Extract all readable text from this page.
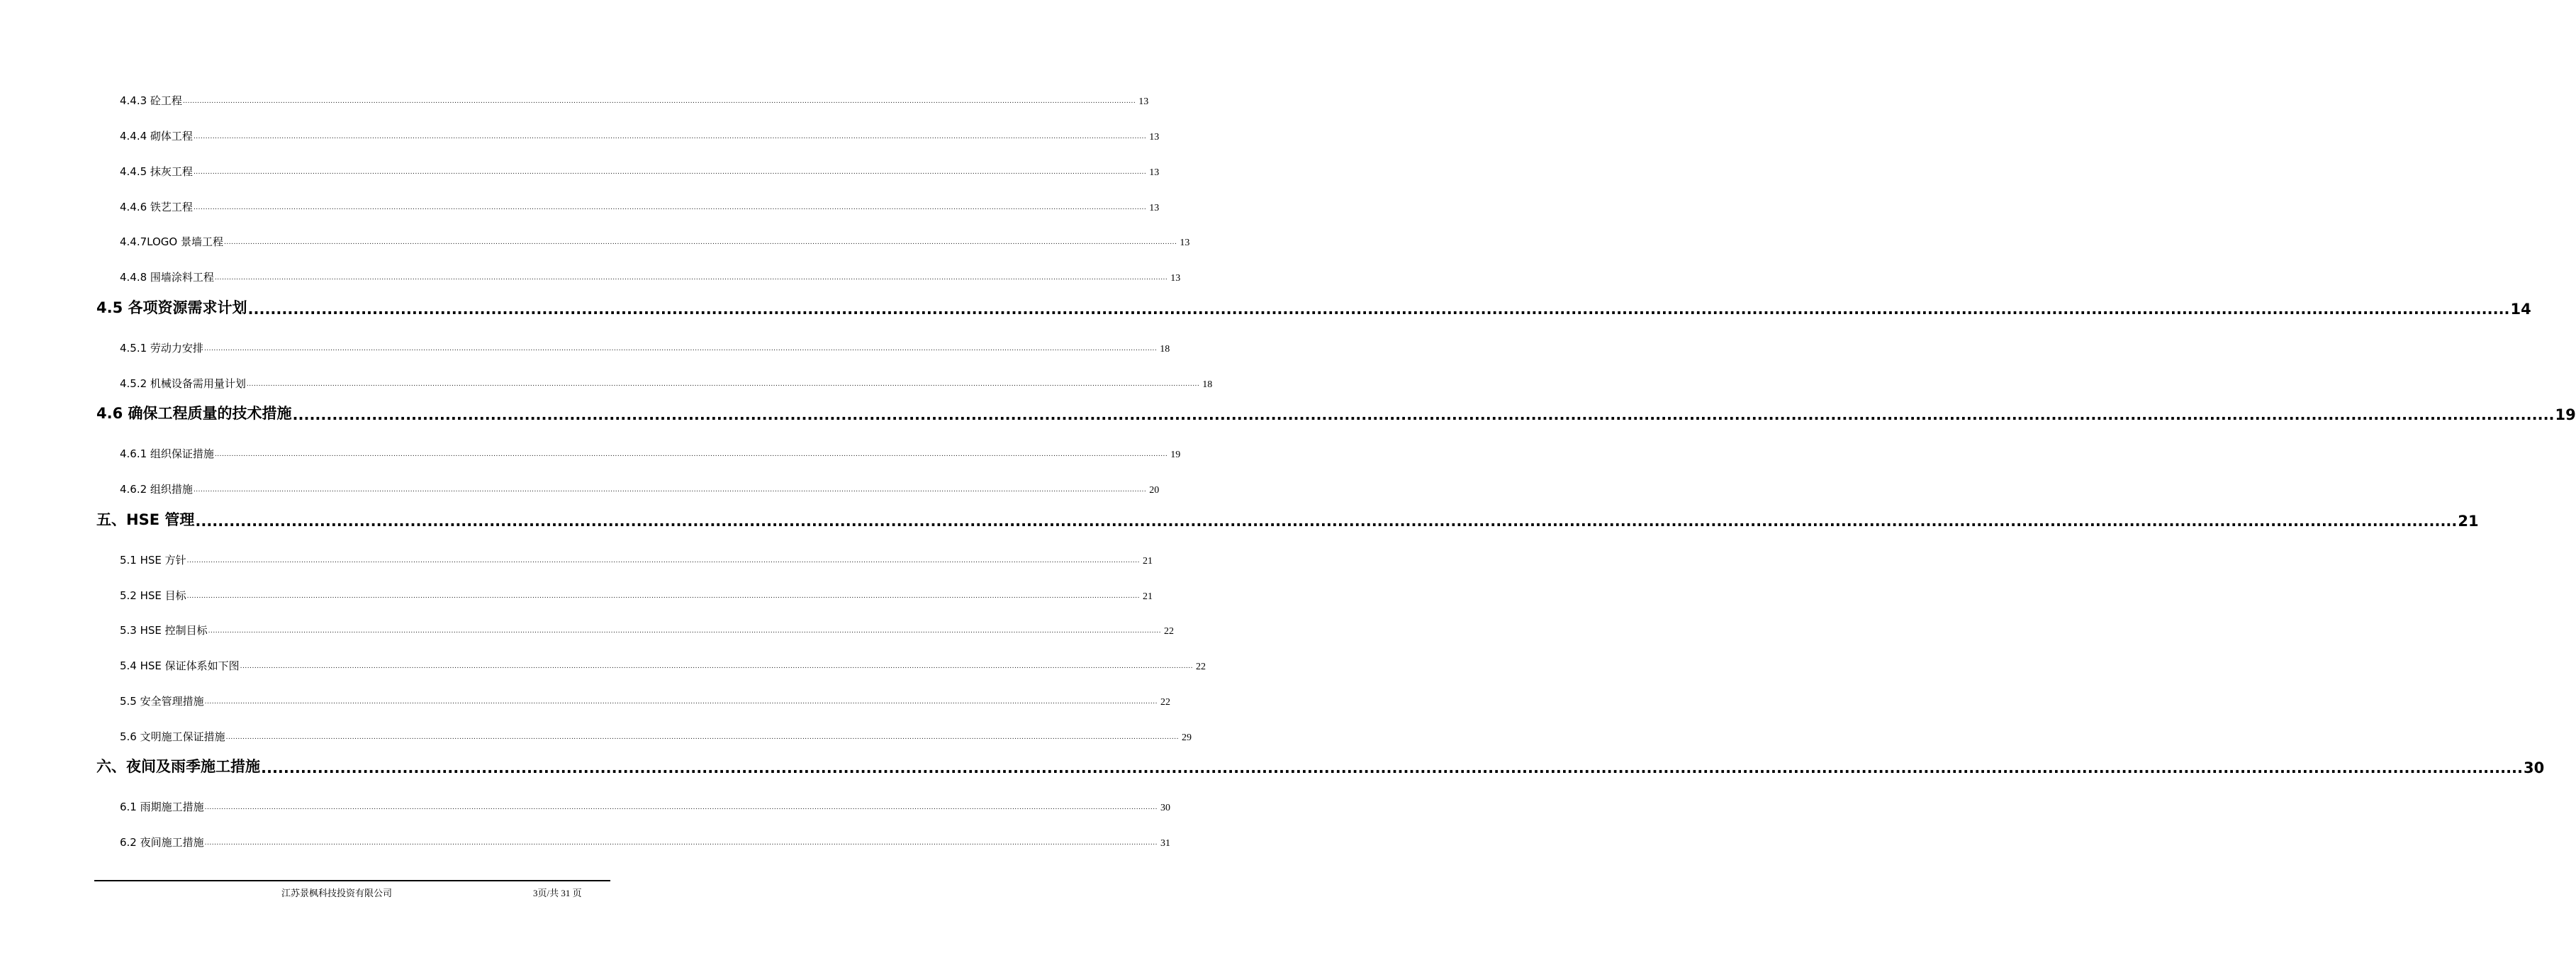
4.4.3 砼工程 ................................................................................................................................................................................................................................................................................................................................................................................................................ 13
4.4.4 砌体工程 ................................................................................................................................................................................................................................................................................................................................................................................................................ 13
4.4.5 抹灰工程 ................................................................................................................................................................................................................................................................................................................................................................................................................ 13
4.4.6 铁艺工程 ................................................................................................................................................................................................................................................................................................................................................................................................................ 13
4.4.7LOGO 景墙工程 ................................................................................................................................................................................................................................................................................................................................................................................................................ 13
4.4.8 围墙涂料工程 ................................................................................................................................................................................................................................................................................................................................................................................................................ 13
4.5 各项资源需求计划 ................................................................................................................................................................................................................................................................................................................................................................................................................ 14
4.5.1 劳动力安排 ................................................................................................................................................................................................................................................................................................................................................................................................................ 18
4.5.2 机械设备需用量计划 ................................................................................................................................................................................................................................................................................................................................................................................................................ 18
4.6 确保工程质量的技术措施 ................................................................................................................................................................................................................................................................................................................................................................................................................ 19
4.6.1 组织保证措施 ................................................................................................................................................................................................................................................................................................................................................................................................................ 19
4.6.2 组织措施 ................................................................................................................................................................................................................................................................................................................................................................................................................ 20
五、HSE 管理 ................................................................................................................................................................................................................................................................................................................................................................................................................ 21
5.1 HSE 方针 ................................................................................................................................................................................................................................................................................................................................................................................................................ 21
5.2 HSE 目标 ................................................................................................................................................................................................................................................................................................................................................................................................................ 21
5.3 HSE 控制目标 ................................................................................................................................................................................................................................................................................................................................................................................................................ 22
5.4 HSE 保证体系如下图 ................................................................................................................................................................................................................................................................................................................................................................................................................ 22
5.5 安全管理措施 ................................................................................................................................................................................................................................................................................................................................................................................................................ 22
5.6 文明施工保证措施 ................................................................................................................................................................................................................................................................................................................................................................................................................ 29
六、夜间及雨季施工措施 ................................................................................................................................................................................................................................................................................................................................................................................................................ 30
6.1 雨期施工措施 ................................................................................................................................................................................................................................................................................................................................................................................................................ 30
6.2 夜间施工措施 ................................................................................................................................................................................................................................................................................................................................................................................................................ 31
江苏景枫科技投资有限公司	3页/共 31 页
